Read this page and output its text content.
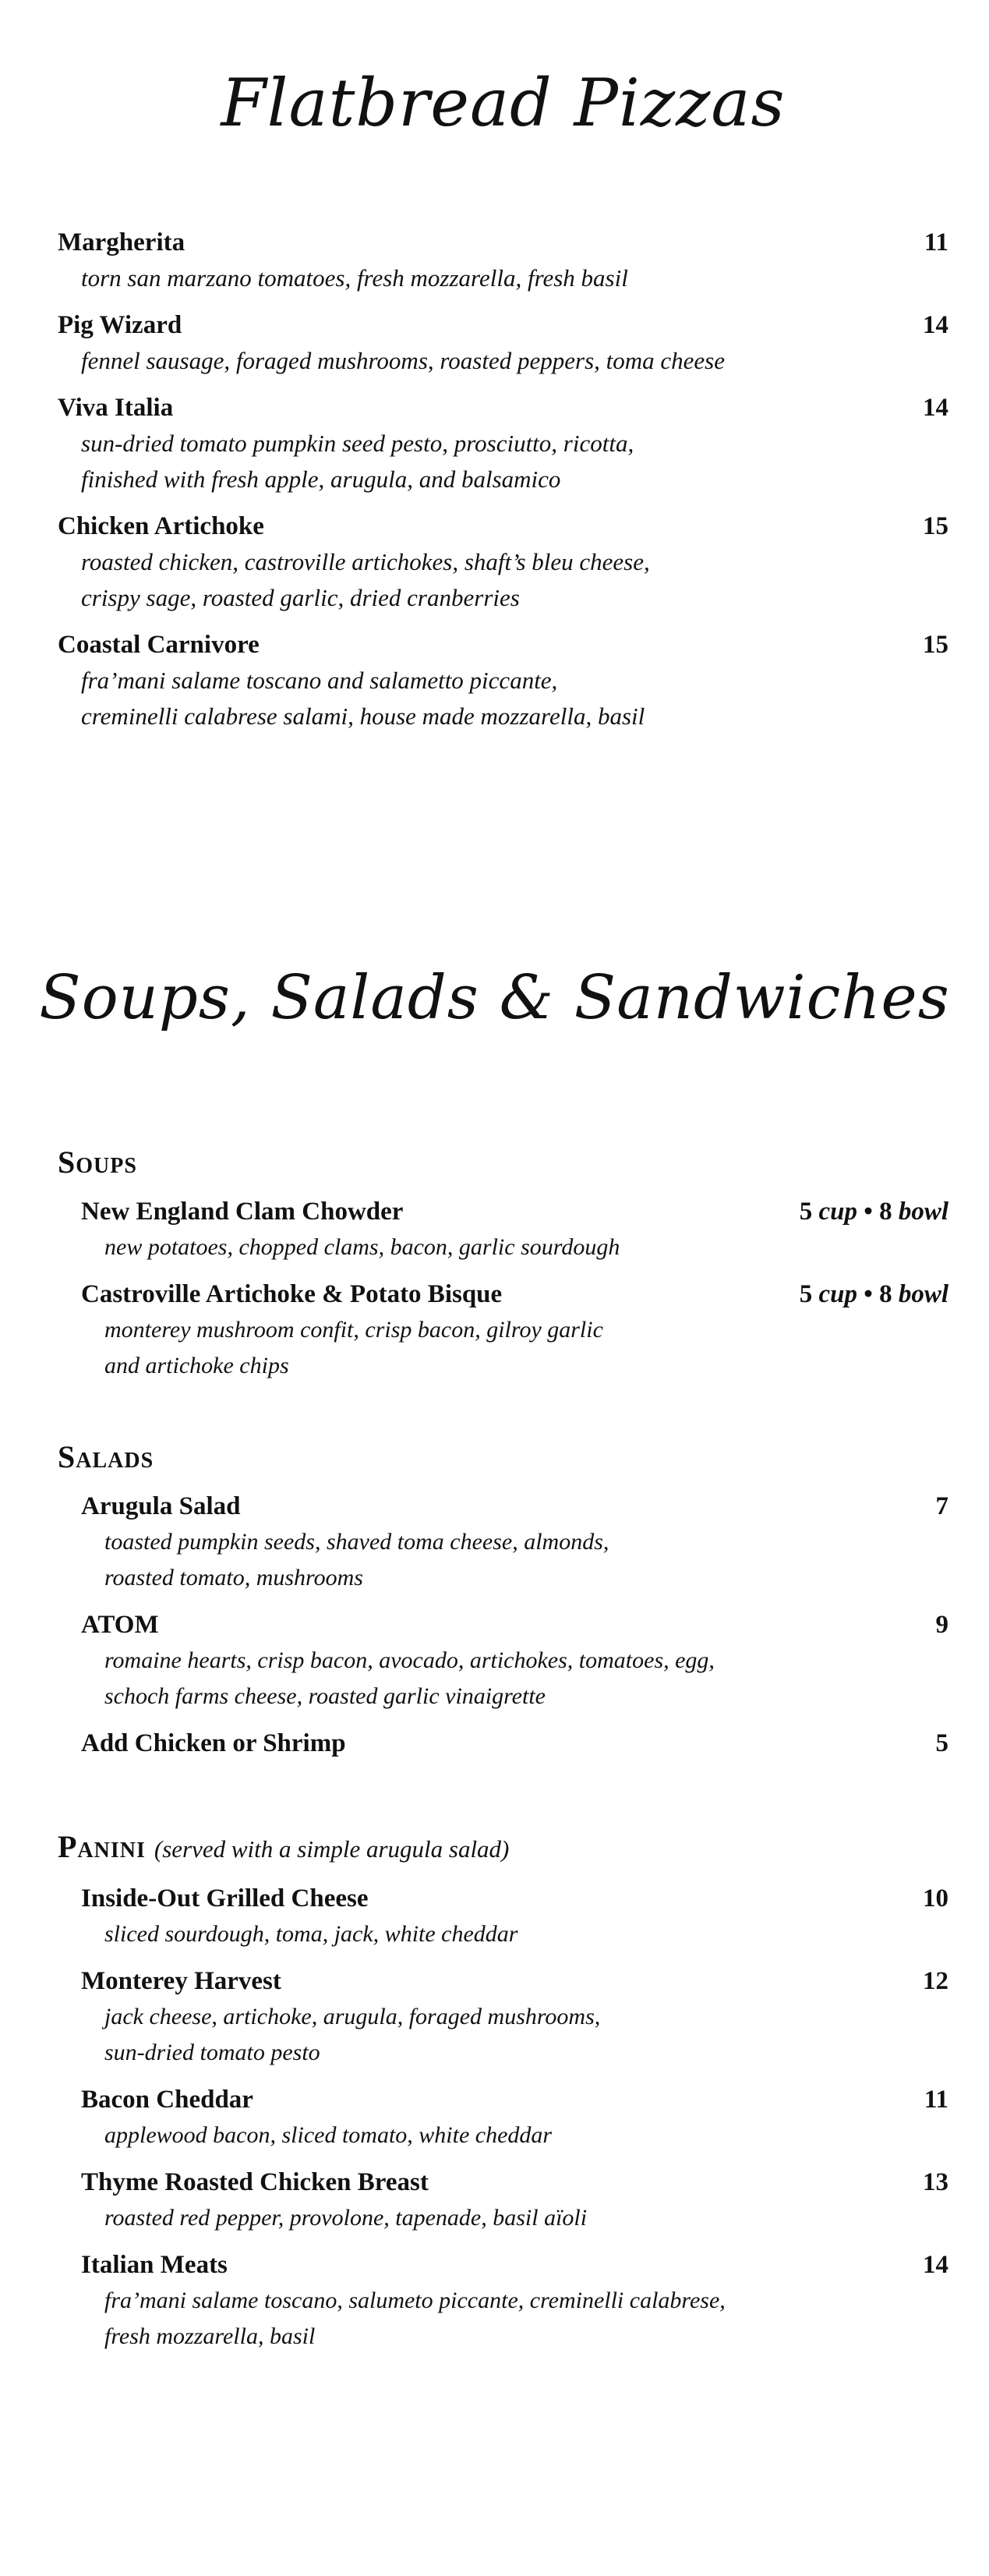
Flatbread Pizzas
Margherita	11
torn san marzano tomatoes, fresh mozzarella, fresh basil
Pig Wizard	14
fennel sausage, foraged mushrooms, roasted peppers, toma cheese
Viva Italia	14
sun-dried tomato pumpkin seed pesto, prosciutto, ricotta,
finished with fresh apple, arugula, and balsamico
Chicken Artichoke	15
roasted chicken, castroville artichokes, shaft’s bleu cheese,
crispy sage, roasted garlic, dried cranberries
Coastal Carnivore	15
fra’mani salame toscano and salametto piccante,
creminelli calabrese salami, house made mozzarella, basil
Soups, Salads & Sandwiches
Soups
New England Clam Chowder	5 cup • 8 bowl
new potatoes, chopped clams, bacon, garlic sourdough
Castroville Artichoke & Potato Bisque	5 cup • 8 bowl
monterey mushroom confit, crisp bacon, gilroy garlic
and artichoke chips
Salads
Arugula Salad	7
toasted pumpkin seeds, shaved toma cheese, almonds,
roasted tomato, mushrooms
ATOM	9
romaine hearts, crisp bacon, avocado, artichokes, tomatoes, egg,
schoch farms cheese, roasted garlic vinaigrette
Add Chicken or Shrimp	5
Panini (served with a simple arugula salad)
Inside-Out Grilled Cheese	10
sliced sourdough, toma, jack, white cheddar
Monterey Harvest	12
jack cheese, artichoke, arugula, foraged mushrooms,
sun-dried tomato pesto
Bacon Cheddar	11
applewood bacon, sliced tomato, white cheddar
Thyme Roasted Chicken Breast	13
roasted red pepper, provolone, tapenade, basil aïoli
Italian Meats	14
fra’mani salame toscano, salumeto piccante, creminelli calabrese,
fresh mozzarella, basil
